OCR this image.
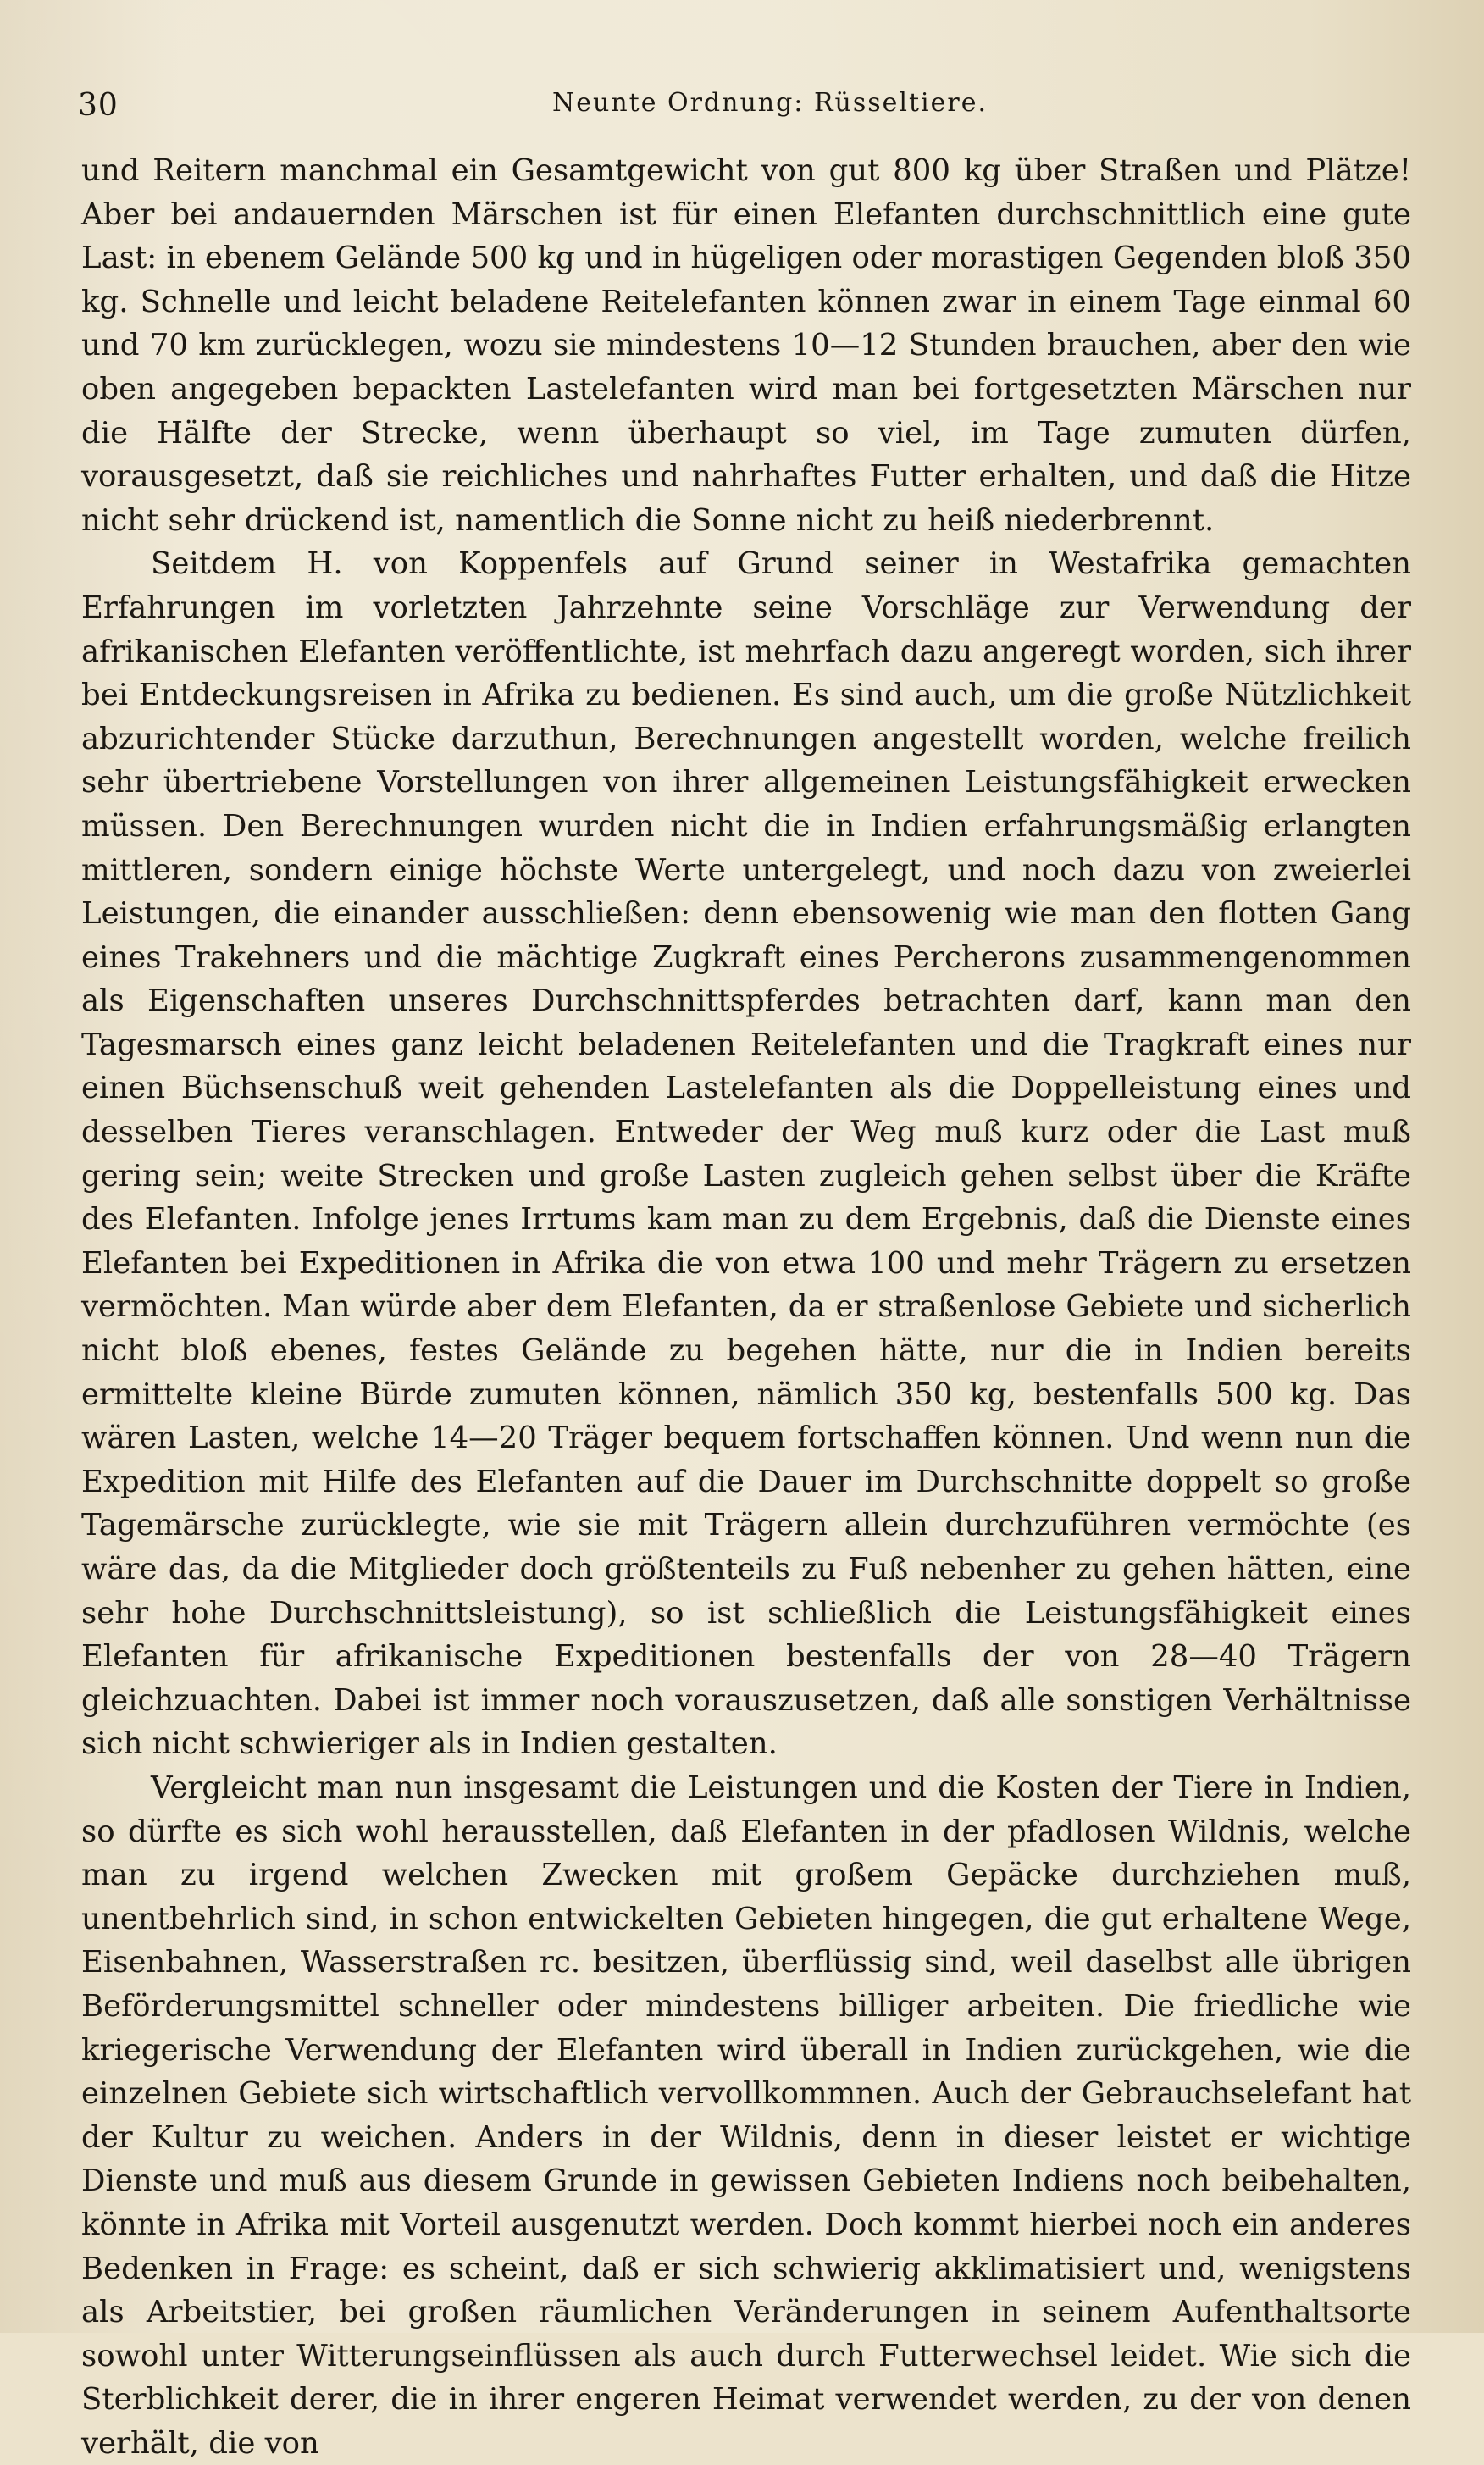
30	Neunte Ordnung: Rüsseltiere.

und Reitern manchmal ein Gesamtgewicht von gut 800 kg über Straßen und Plätze! Aber bei andauernden Märschen ist für einen Elefanten durchschnittlich eine gute Last: in ebenem Gelände 500 kg und in hügeligen oder morastigen Gegenden bloß 350 kg. Schnelle und leicht beladene Reitelefanten können zwar in einem Tage einmal 60 und 70 km zurücklegen, wozu sie mindestens 10—12 Stunden brauchen, aber den wie oben angegeben bepackten Lastelefanten wird man bei fortgesetzten Märschen nur die Hälfte der Strecke, wenn überhaupt so viel, im Tage zumuten dürfen, vorausgesetzt, daß sie reichliches und nahrhaftes Futter erhalten, und daß die Hitze nicht sehr drückend ist, namentlich die Sonne nicht zu heiß niederbrennt.

Seitdem H. von Koppenfels auf Grund seiner in Westafrika gemachten Erfahrungen im vorletzten Jahrzehnte seine Vorschläge zur Verwendung der afrikanischen Elefanten veröffentlichte, ist mehrfach dazu angeregt worden, sich ihrer bei Entdeckungsreisen in Afrika zu bedienen. Es sind auch, um die große Nützlichkeit abzurichtender Stücke darzuthun, Berechnungen angestellt worden, welche freilich sehr übertriebene Vorstellungen von ihrer allgemeinen Leistungsfähigkeit erwecken müssen. Den Berechnungen wurden nicht die in Indien erfahrungsmäßig erlangten mittleren, sondern einige höchste Werte untergelegt, und noch dazu von zweierlei Leistungen, die einander ausschließen: denn ebensowenig wie man den flotten Gang eines Trakehners und die mächtige Zugkraft eines Percherons zusammengenommen als Eigenschaften unseres Durchschnittspferdes betrachten darf, kann man den Tagesmarsch eines ganz leicht beladenen Reitelefanten und die Tragkraft eines nur einen Büchsenschuß weit gehenden Lastelefanten als die Doppelleistung eines und desselben Tieres veranschlagen. Entweder der Weg muß kurz oder die Last muß gering sein; weite Strecken und große Lasten zugleich gehen selbst über die Kräfte des Elefanten. Infolge jenes Irrtums kam man zu dem Ergebnis, daß die Dienste eines Elefanten bei Expeditionen in Afrika die von etwa 100 und mehr Trägern zu ersetzen vermöchten. Man würde aber dem Elefanten, da er straßenlose Gebiete und sicherlich nicht bloß ebenes, festes Gelände zu begehen hätte, nur die in Indien bereits ermittelte kleine Bürde zumuten können, nämlich 350 kg, bestenfalls 500 kg. Das wären Lasten, welche 14—20 Träger bequem fortschaffen können. Und wenn nun die Expedition mit Hilfe des Elefanten auf die Dauer im Durchschnitte doppelt so große Tagemärsche zurücklegte, wie sie mit Trägern allein durchzuführen vermöchte (es wäre das, da die Mitglieder doch größtenteils zu Fuß nebenher zu gehen hätten, eine sehr hohe Durchschnittsleistung), so ist schließlich die Leistungsfähigkeit eines Elefanten für afrikanische Expeditionen bestenfalls der von 28—40 Trägern gleichzuachten. Dabei ist immer noch vorauszusetzen, daß alle sonstigen Verhältnisse sich nicht schwieriger als in Indien gestalten.

Vergleicht man nun insgesamt die Leistungen und die Kosten der Tiere in Indien, so dürfte es sich wohl herausstellen, daß Elefanten in der pfadlosen Wildnis, welche man zu irgend welchen Zwecken mit großem Gepäcke durchziehen muß, unentbehrlich sind, in schon entwickelten Gebieten hingegen, die gut erhaltene Wege, Eisenbahnen, Wasserstraßen rc. besitzen, überflüssig sind, weil daselbst alle übrigen Beförderungsmittel schneller oder mindestens billiger arbeiten. Die friedliche wie kriegerische Verwendung der Elefanten wird überall in Indien zurückgehen, wie die einzelnen Gebiete sich wirtschaftlich vervollkommnen. Auch der Gebrauchselefant hat der Kultur zu weichen. Anders in der Wildnis, denn in dieser leistet er wichtige Dienste und muß aus diesem Grunde in gewissen Gebieten Indiens noch beibehalten, könnte in Afrika mit Vorteil ausgenutzt werden. Doch kommt hierbei noch ein anderes Bedenken in Frage: es scheint, daß er sich schwierig akklimatisiert und, wenigstens als Arbeitstier, bei großen räumlichen Veränderungen in seinem Aufenthaltsorte sowohl unter Witterungseinflüssen als auch durch Futterwechsel leidet. Wie sich die Sterblichkeit derer, die in ihrer engeren Heimat verwendet werden, zu der von denen verhält, die von
